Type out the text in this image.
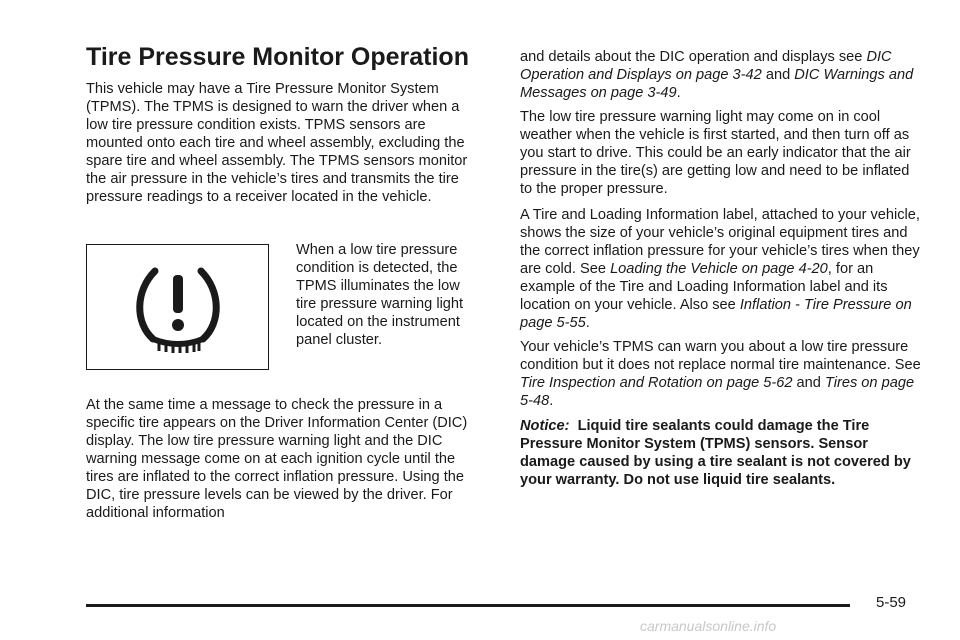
Tire Pressure Monitor Operation

This vehicle may have a Tire Pressure Monitor System (TPMS). The TPMS is designed to warn the driver when a low tire pressure condition exists. TPMS sensors are mounted onto each tire and wheel assembly, excluding the spare tire and wheel assembly. The TPMS sensors monitor the air pressure in the vehicle’s tires and transmits the tire pressure readings to a receiver located in the vehicle.

When a low tire pressure condition is detected, the TPMS illuminates the low tire pressure warning light located on the instrument panel cluster.

At the same time a message to check the pressure in a specific tire appears on the Driver Information Center (DIC) display. The low tire pressure warning light and the DIC warning message come on at each ignition cycle until the tires are inflated to the correct inflation pressure. Using the DIC, tire pressure levels can be viewed by the driver. For additional information

and details about the DIC operation and displays see DIC Operation and Displays on page 3-42 and DIC Warnings and Messages on page 3-49.

The low tire pressure warning light may come on in cool weather when the vehicle is first started, and then turn off as you start to drive. This could be an early indicator that the air pressure in the tire(s) are getting low and need to be inflated to the proper pressure.

A Tire and Loading Information label, attached to your vehicle, shows the size of your vehicle’s original equipment tires and the correct inflation pressure for your vehicle’s tires when they are cold. See Loading the Vehicle on page 4-20, for an example of the Tire and Loading Information label and its location on your vehicle. Also see Inflation - Tire Pressure on page 5-55.

Your vehicle’s TPMS can warn you about a low tire pressure condition but it does not replace normal tire maintenance. See Tire Inspection and Rotation on page 5-62 and Tires on page 5-48.

Notice:  Liquid tire sealants could damage the Tire Pressure Monitor System (TPMS) sensors. Sensor damage caused by using a tire sealant is not covered by your warranty. Do not use liquid tire sealants.

5-59
carmanualsonline.info
